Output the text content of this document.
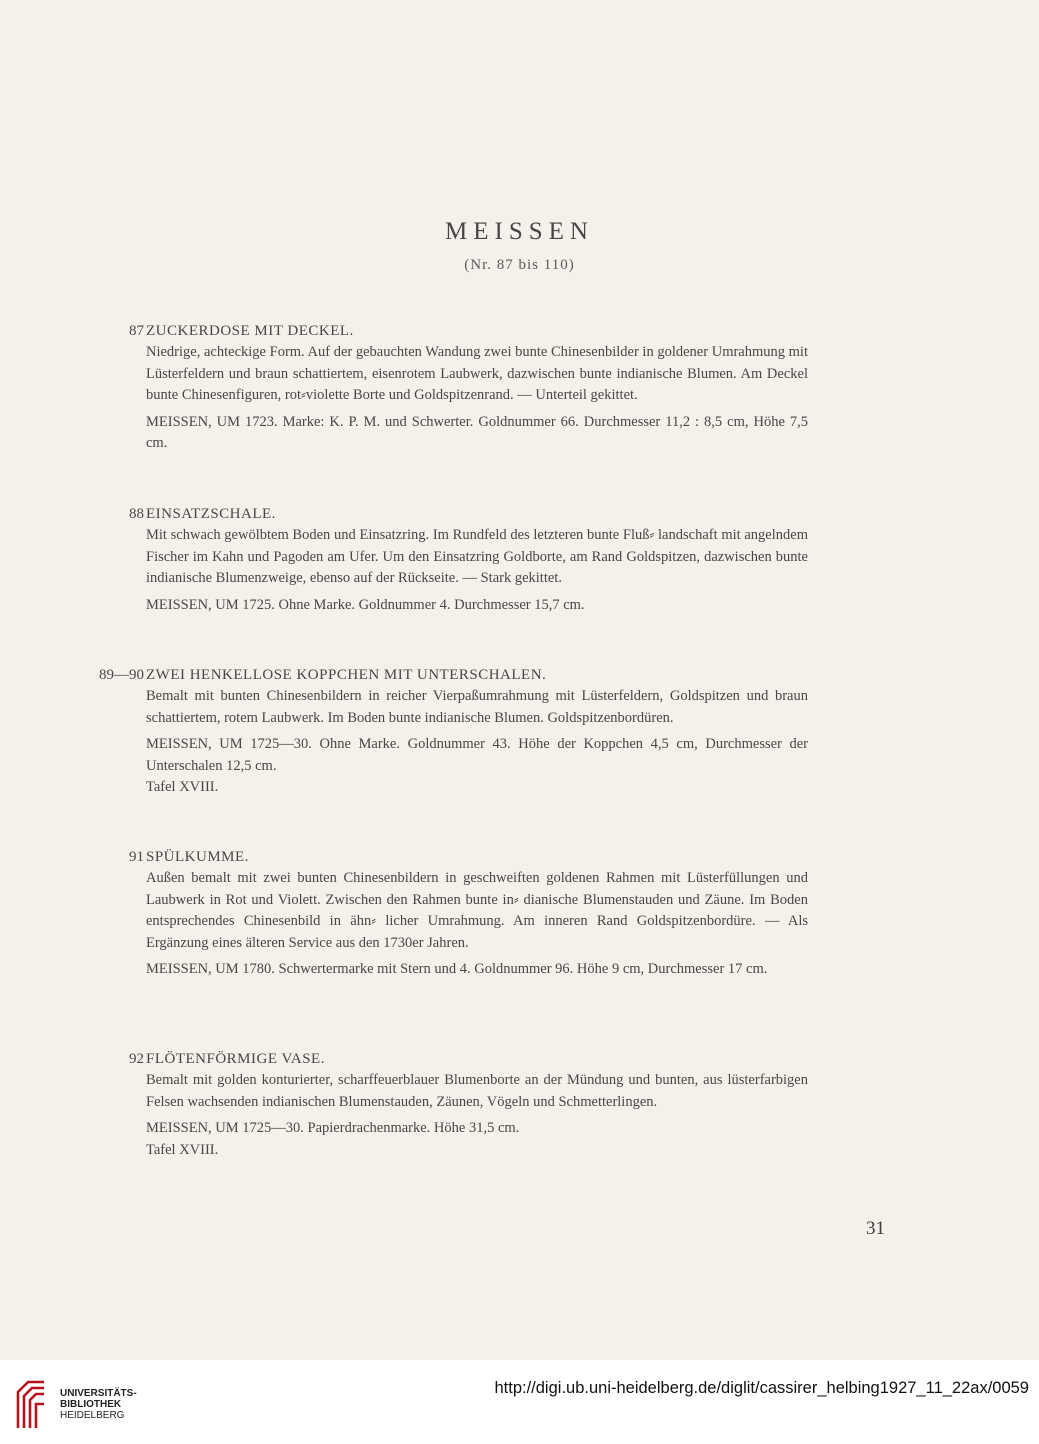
MEISSEN
(Nr. 87 bis 110)
87 ZUCKERDOSE MIT DECKEL.

Niedrige, achteckige Form. Auf der gebauchten Wandung zwei bunte Chinesenbilder in goldener Umrahmung mit Lüsterfeldern und braun schattiertem, eisenrotem Laubwerk, dazwischen bunte indianische Blumen. Am Deckel bunte Chinesenfiguren, rot⸗violette Borte und Goldspitzenrand. — Unterteil gekittet.

MEISSEN, UM 1723. Marke: K. P. M. und Schwerter. Goldnummer 66. Durchmesser 11,2 : 8,5 cm, Höhe 7,5 cm.

88 EINSATZSCHALE.

Mit schwach gewölbtem Boden und Einsatzring. Im Rundfeld des letzteren bunte Fluß⸗ landschaft mit angelndem Fischer im Kahn und Pagoden am Ufer. Um den Einsatzring Goldborte, am Rand Goldspitzen, dazwischen bunte indianische Blumenzweige, ebenso auf der Rückseite. — Stark gekittet.

MEISSEN, UM 1725. Ohne Marke. Goldnummer 4. Durchmesser 15,7 cm.

89—90 ZWEI HENKELLOSE KOPPCHEN MIT UNTERSCHALEN.

Bemalt mit bunten Chinesenbildern in reicher Vierpaßumrahmung mit Lüsterfeldern, Goldspitzen und braun schattiertem, rotem Laubwerk. Im Boden bunte indianische Blumen. Goldspitzenbordüren.

MEISSEN, UM 1725—30. Ohne Marke. Goldnummer 43. Höhe der Koppchen 4,5 cm, Durchmesser der Unterschalen 12,5 cm.

Tafel XVIII.

91 SPÜLKUMME.

Außen bemalt mit zwei bunten Chinesenbildern in geschweiften goldenen Rahmen mit Lüsterfüllungen und Laubwerk in Rot und Violett. Zwischen den Rahmen bunte in⸗ dianische Blumenstauden und Zäune. Im Boden entsprechendes Chinesenbild in ähn⸗ licher Umrahmung. Am inneren Rand Goldspitzenbordüre. — Als Ergänzung eines älteren Service aus den 1730er Jahren.

MEISSEN, UM 1780. Schwertermarke mit Stern und 4. Goldnummer 96. Höhe 9 cm, Durchmesser 17 cm.

92 FLÖTENFÖRMIGE VASE.

Bemalt mit golden konturierter, scharffeuerblauer Blumenborte an der Mündung und bunten, aus lüsterfarbigen Felsen wachsenden indianischen Blumenstauden, Zäunen, Vögeln und Schmetterlingen.

MEISSEN, UM 1725—30. Papierdrachenmarke. Höhe 31,5 cm.

Tafel XVIII.

31
UNIVERSITÄTS-
BIBLIOTHEK
HEIDELBERG
http://digi.ub.uni-heidelberg.de/diglit/cassirer_helbing1927_11_22ax/0059
